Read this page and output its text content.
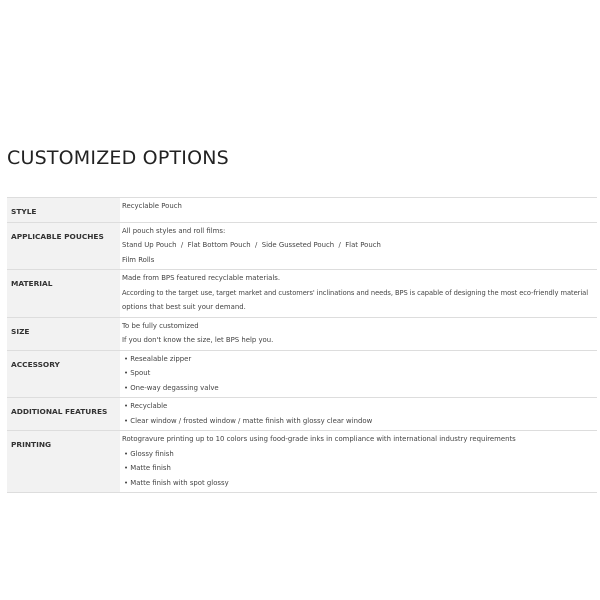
CUSTOMIZED OPTIONS
STYLE	Recyclable Pouch

APPLICABLE POUCHES	All pouch styles and roll films:
Stand Up Pouch  /  Flat Bottom Pouch  /  Side Gusseted Pouch  /  Flat Pouch
Film Rolls

MATERIAL	Made from BPS featured recyclable materials.
According to the target use, target market and customers' inclinations and needs, BPS is capable of designing the most eco-friendly material
options that best suit your demand.

SIZE	To be fully customized
If you don't know the size, let BPS help you.

ACCESSORY	• Resealable zipper
• Spout
• One-way degassing valve

ADDITIONAL FEATURES	• Recyclable
• Clear window / frosted window / matte finish with glossy clear window

PRINTING	Rotogravure printing up to 10 colors using food-grade inks in compliance with international industry requirements
• Glossy finish
• Matte finish
• Matte finish with spot glossy
